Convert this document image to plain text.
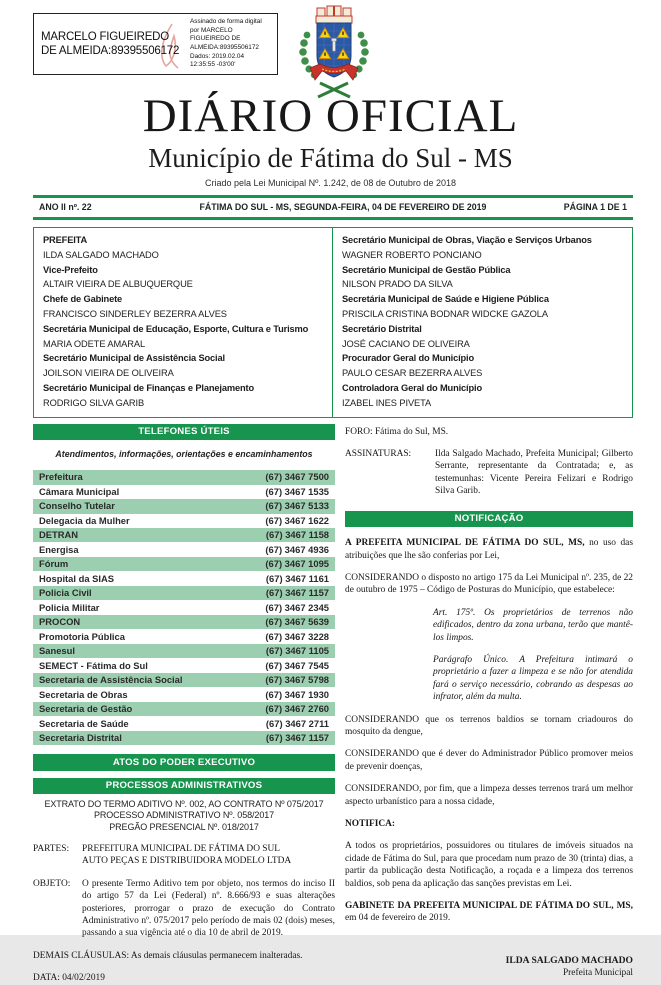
MARCELO FIGUEIREDO DE ALMEIDA:89395506172
Assinado de forma digital por MARCELO FIGUEIREDO DE ALMEIDA:89395506172 Dados: 2019.02.04 12:35:55 -03'00'
DIÁRIO OFICIAL
Município de Fátima do Sul - MS
Criado pela Lei Municipal Nº. 1.242, de 08 de Outubro de 2018
ANO II nº. 22	FÁTIMA DO SUL - MS, SEGUNDA-FEIRA, 04 DE FEVEREIRO DE 2019	PÁGINA 1 DE 1
PREFEITA
ILDA SALGADO MACHADO
Vice-Prefeito
ALTAIR VIEIRA DE ALBUQUERQUE
Chefe de Gabinete
FRANCISCO SINDERLEY BEZERRA ALVES
Secretária Municipal de Educação, Esporte, Cultura e Turismo
MARIA ODETE AMARAL
Secretário Municipal de Assistência Social
JOILSON VIEIRA DE OLIVEIRA
Secretário Municipal de Finanças e Planejamento
RODRIGO SILVA GARIB
Secretário Municipal de Obras, Viação e Serviços Urbanos
WAGNER ROBERTO PONCIANO
Secretário Municipal de Gestão Pública
NILSON PRADO DA SILVA
Secretária Municipal de Saúde e Higiene Pública
PRISCILA CRISTINA BODNAR WIDCKE GAZOLA
Secretário Distrital
JOSÉ CACIANO DE OLIVEIRA
Procurador Geral do Município
PAULO CESAR BEZERRA ALVES
Controladora Geral do Município
IZABEL INES PIVETA
TELEFONES ÚTEIS
Atendimentos, informações, orientações e encaminhamentos
Prefeitura	(67) 3467 7500
Câmara Municipal	(67) 3467 1535
Conselho Tutelar	(67) 3467 5133
Delegacia da Mulher	(67) 3467 1622
DETRAN	(67) 3467 1158
Energisa	(67) 3467 4936
Fórum	(67) 3467 1095
Hospital da SIAS	(67) 3467 1161
Policia Civil	(67) 3467 1157
Policia Militar	(67) 3467 2345
PROCON	(67) 3467 5639
Promotoria Pública	(67) 3467 3228
Sanesul	(67) 3467 1105
SEMECT - Fátima do Sul	(67) 3467 7545
Secretaria de Assistência Social	(67) 3467 5798
Secretaria de Obras	(67) 3467 1930
Secretaria de Gestão	(67) 3467 2760
Secretaria de Saúde	(67) 3467 2711
Secretaria Distrital	(67) 3467 1157
ATOS DO PODER EXECUTIVO
PROCESSOS ADMINISTRATIVOS
EXTRATO DO TERMO ADITIVO Nº. 002, AO CONTRATO Nº 075/2017
PROCESSO ADMINISTRATIVO Nº. 058/2017
PREGÃO PRESENCIAL Nº. 018/2017

PARTES: PREFEITURA MUNICIPAL DE FÁTIMA DO SUL
AUTO PEÇAS E DISTRIBUIDORA MODELO LTDA

OBJETO: O presente Termo Aditivo tem por objeto, nos termos do inciso II do artigo 57 da Lei (Federal) nº. 8.666/93 e suas alterações posteriores, prorrogar o prazo de execução do Contrato Administrativo nº. 075/2017 pelo período de mais 02 (dois) meses, passando a sua vigência até o dia 10 de abril de 2019.

DEMAIS CLÁUSULAS: As demais cláusulas permanecem inalteradas.

DATA: 04/02/2019

FORO: Fátima do Sul, MS.

ASSINATURAS:	Ilda Salgado Machado, Prefeita Municipal; Gilberto Serrante, representante da Contratada; e, as testemunhas: Vicente Pereira Felizari e Rodrigo Silva Garib.

NOTIFICAÇÃO

A PREFEITA MUNICIPAL DE FÁTIMA DO SUL, MS, no uso das atribuições que lhe são conferias por Lei,

CONSIDERANDO o disposto no artigo 175 da Lei Municipal nº. 235, de 22 de outubro de 1975 – Código de Posturas do Município, que estabelece:

Art. 175º. Os proprietários de terrenos não edificados, dentro da zona urbana, terão que mantê-los limpos.

Parágrafo Único. A Prefeitura intimará o proprietário a fazer a limpeza e se não for atendida fará o serviço necessário, cobrando as despesas ao infrator, além da multa.

CONSIDERANDO que os terrenos baldios se tornam criadouros do mosquito da dengue,

CONSIDERANDO que é dever do Administrador Público promover meios de prevenir doenças,

CONSIDERANDO, por fim, que a limpeza desses terrenos trará um melhor aspecto urbanístico para a nossa cidade,

NOTIFICA:

A todos os proprietários, possuidores ou titulares de imóveis situados na cidade de Fátima do Sul, para que procedam num prazo de 30 (trinta) dias, a partir da publicação desta Notificação, a roçada e a limpeza dos terrenos baldios, sob pena da aplicação das sanções previstas em Lei.

GABINETE DA PREFEITA MUNICIPAL DE FÁTIMA DO SUL, MS, em 04 de fevereiro de 2019.

ILDA SALGADO MACHADO
Prefeita Municipal
